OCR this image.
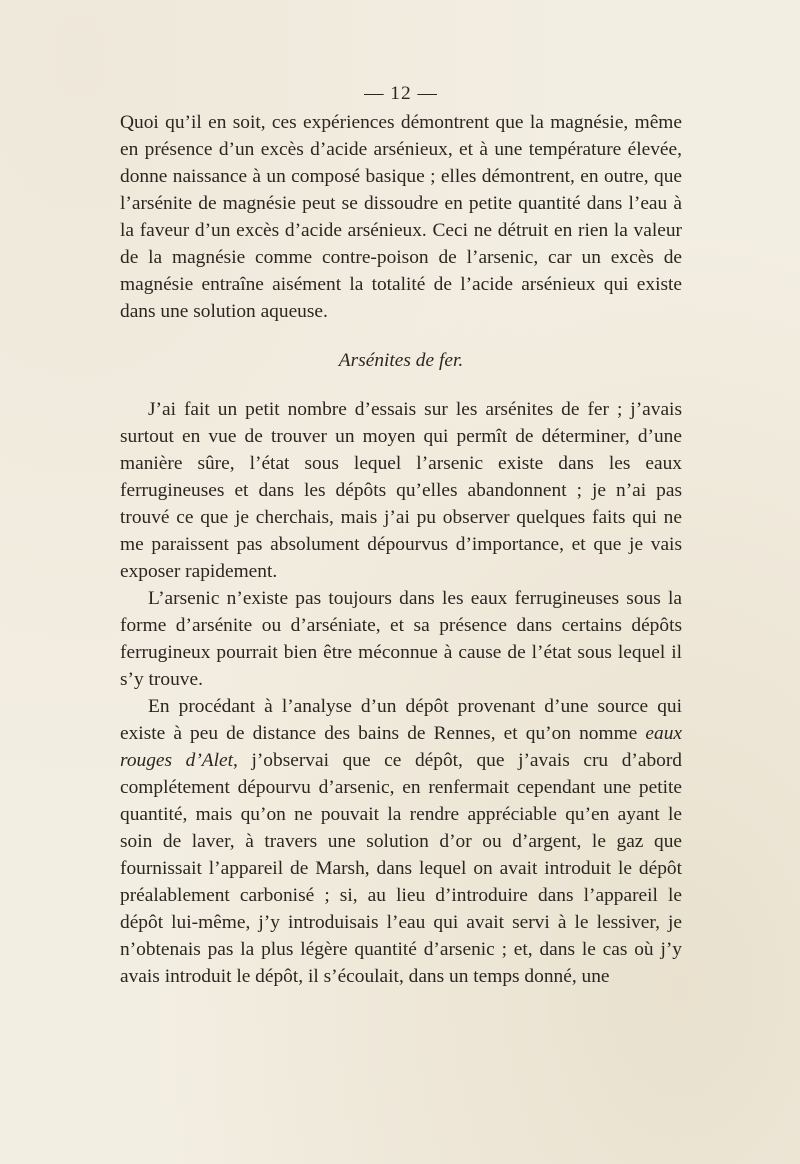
— 12 —

Quoi qu’il en soit, ces expériences démontrent que la magnésie, même en présence d’un excès d’acide arsénieux, et à une température élevée, donne naissance à un composé basique ; elles démontrent, en outre, que l’arsénite de magnésie peut se dissoudre en petite quantité dans l’eau à la faveur d’un excès d’acide arsénieux. Ceci ne détruit en rien la valeur de la magnésie comme contre-poison de l’arsenic, car un excès de magnésie entraîne aisément la totalité de l’acide arsénieux qui existe dans une solution aqueuse.

Arsénites de fer.

J’ai fait un petit nombre d’essais sur les arsénites de fer ; j’avais surtout en vue de trouver un moyen qui permît de déterminer, d’une manière sûre, l’état sous lequel l’arsenic existe dans les eaux ferrugineuses et dans les dépôts qu’elles abandonnent ; je n’ai pas trouvé ce que je cherchais, mais j’ai pu observer quelques faits qui ne me paraissent pas absolument dépourvus d’importance, et que je vais exposer rapidement.

L’arsenic n’existe pas toujours dans les eaux ferrugineuses sous la forme d’arsénite ou d’arséniate, et sa présence dans certains dépôts ferrugineux pourrait bien être méconnue à cause de l’état sous lequel il s’y trouve.

En procédant à l’analyse d’un dépôt provenant d’une source qui existe à peu de distance des bains de Rennes, et qu’on nomme eaux rouges d’Alet, j’observai que ce dépôt, que j’avais cru d’abord complétement dépourvu d’arsenic, en renfermait cependant une petite quantité, mais qu’on ne pouvait la rendre appréciable qu’en ayant le soin de laver, à travers une solution d’or ou d’argent, le gaz que fournissait l’appareil de Marsh, dans lequel on avait introduit le dépôt préalablement carbonisé ; si, au lieu d’introduire dans l’appareil le dépôt lui-même, j’y introduisais l’eau qui avait servi à le lessiver, je n’obtenais pas la plus légère quantité d’arsenic ; et, dans le cas où j’y avais introduit le dépôt, il s’écoulait, dans un temps donné, une
